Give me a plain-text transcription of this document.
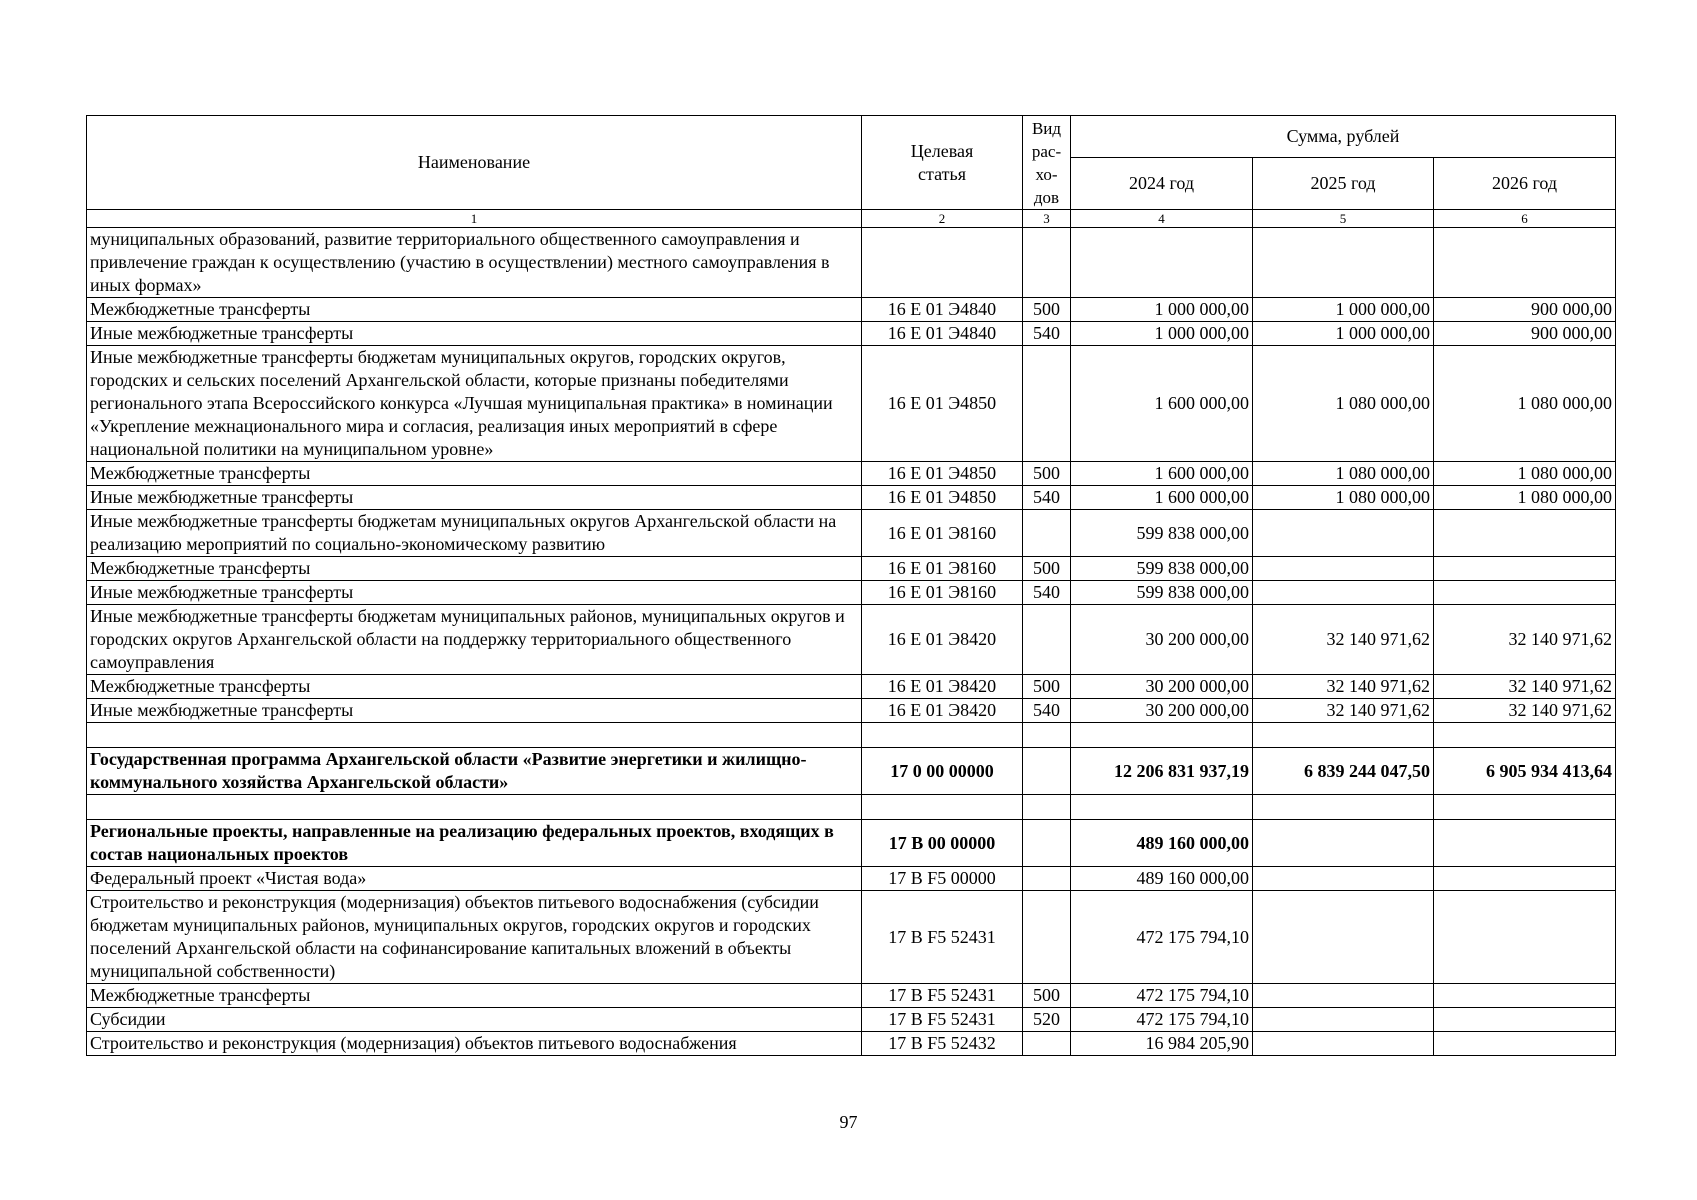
Наименование	Целевая статья	Вид рас-хо-дов	Сумма, рублей		
			2024 год	2025 год	2026 год
1	2	3	4	5	6
муниципальных образований, развитие территориального общественного самоуправления и привлечение граждан к осуществлению (участию в осуществлении) местного самоуправления в иных формах»					
Межбюджетные трансферты	16 Е 01 Э4840	500	1 000 000,00	1 000 000,00	900 000,00
Иные межбюджетные трансферты	16 Е 01 Э4840	540	1 000 000,00	1 000 000,00	900 000,00
Иные межбюджетные трансферты бюджетам муниципальных округов, городских округов, городских и сельских поселений Архангельской области, которые признаны победителями регионального этапа Всероссийского конкурса «Лучшая муниципальная практика» в номинации «Укрепление межнационального мира и согласия, реализация иных мероприятий в сфере национальной политики на муниципальном уровне»	16 Е 01 Э4850		1 600 000,00	1 080 000,00	1 080 000,00
Межбюджетные трансферты	16 Е 01 Э4850	500	1 600 000,00	1 080 000,00	1 080 000,00
Иные межбюджетные трансферты	16 Е 01 Э4850	540	1 600 000,00	1 080 000,00	1 080 000,00
Иные межбюджетные трансферты бюджетам муниципальных округов Архангельской области на реализацию мероприятий по социально-экономическому развитию	16 Е 01 Э8160		599 838 000,00		
Межбюджетные трансферты	16 Е 01 Э8160	500	599 838 000,00		
Иные межбюджетные трансферты	16 Е 01 Э8160	540	599 838 000,00		
Иные межбюджетные трансферты бюджетам муниципальных районов, муниципальных округов и городских округов Архангельской области на поддержку территориального общественного самоуправления	16 Е 01 Э8420		30 200 000,00	32 140 971,62	32 140 971,62
Межбюджетные трансферты	16 Е 01 Э8420	500	30 200 000,00	32 140 971,62	32 140 971,62
Иные межбюджетные трансферты	16 Е 01 Э8420	540	30 200 000,00	32 140 971,62	32 140 971,62

Государственная программа Архангельской области «Развитие энергетики и жилищно-коммунального хозяйства Архангельской области»	17 0 00 00000		12 206 831 937,19	6 839 244 047,50	6 905 934 413,64

Региональные проекты, направленные на реализацию федеральных проектов, входящих в состав национальных проектов	17 В 00 00000		489 160 000,00		
Федеральный проект «Чистая вода»	17 В F5 00000		489 160 000,00		
Строительство и реконструкция (модернизация) объектов питьевого водоснабжения (субсидии бюджетам муниципальных районов, муниципальных округов, городских округов и городских поселений Архангельской области на софинансирование капитальных вложений в объекты муниципальной собственности)	17 В F5 52431		472 175 794,10		
Межбюджетные трансферты	17 В F5 52431	500	472 175 794,10		
Субсидии	17 В F5 52431	520	472 175 794,10		
Строительство и реконструкция (модернизация) объектов питьевого водоснабжения	17 В F5 52432		16 984 205,90		
97
